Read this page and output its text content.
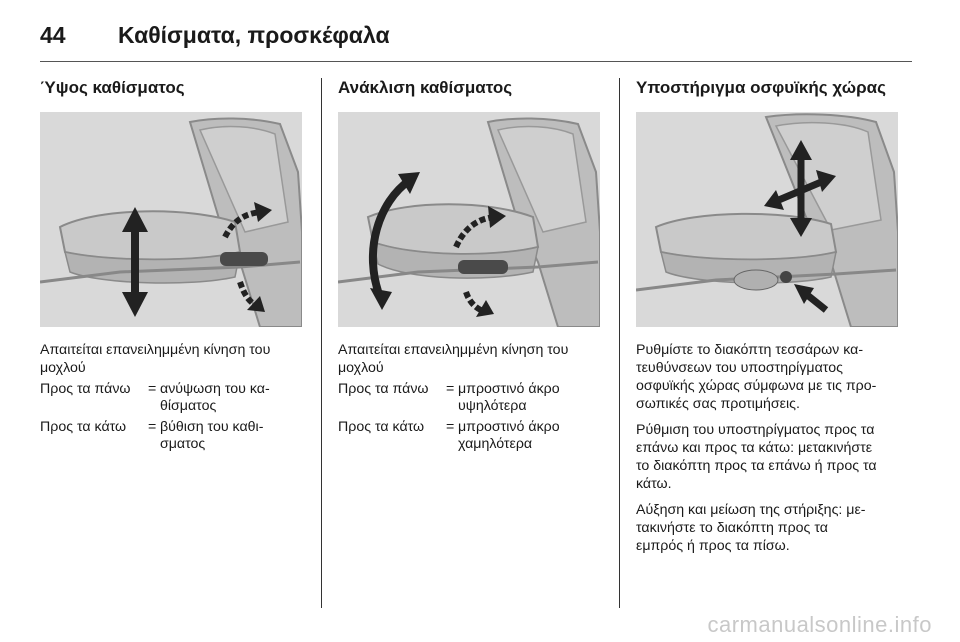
44 Καθίσματα, προσκέφαλα
Ύψος καθίσματος

Απαιτείται επανειλημμένη κίνηση του μοχλού

Προς τα πάνω	= ανύψωση του κα-
θίσματος
Προς τα κάτω	= βύθιση του καθι-
σματος
Ανάκλιση καθίσματος

Απαιτείται επανειλημμένη κίνηση του μοχλού

Προς τα πάνω	= μπροστινό άκρο
υψηλότερα
Προς τα κάτω	= μπροστινό άκρο
χαμηλότερα
Υποστήριγμα οσφυϊκής χώρας

Ρυθμίστε το διακόπτη τεσσάρων κα-
τευθύνσεων του υποστηρίγματος
οσφυϊκής χώρας σύμφωνα με τις προ-
σωπικές σας προτιμήσεις.

Ρύθμιση του υποστηρίγματος προς τα
επάνω και προς τα κάτω: μετακινήστε
το διακόπτη προς τα επάνω ή προς τα
κάτω.

Αύξηση και μείωση της στήριξης: με-
τακινήστε το διακόπτη προς τα
εμπρός ή προς τα πίσω.

carmanualsonline.info
